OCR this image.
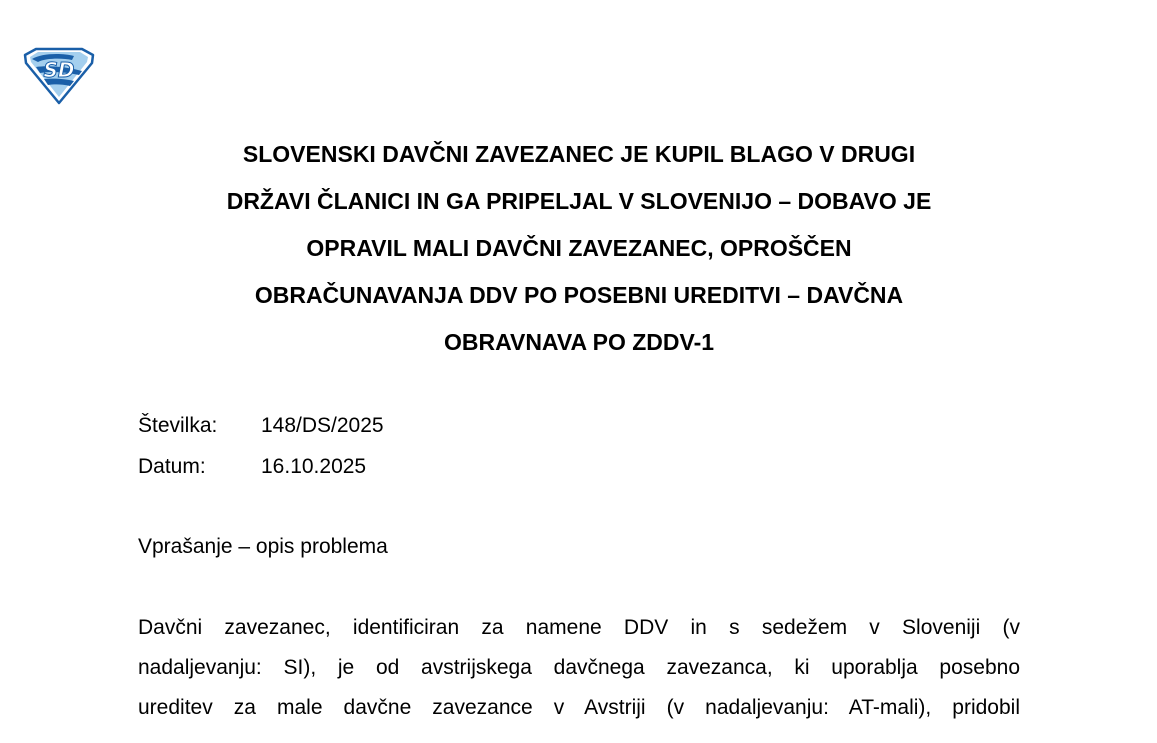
SD
SLOVENSKI DAVČNI ZAVEZANEC JE KUPIL BLAGO V DRUGI
DRŽAVI ČLANICI IN GA PRIPELJAL V SLOVENIJO – DOBAVO JE
OPRAVIL MALI DAVČNI ZAVEZANEC, OPROŠČEN
OBRAČUNAVANJA DDV PO POSEBNI UREDITVI – DAVČNA
OBRAVNAVA PO ZDDV-1
Številka:	148/DS/2025
Datum:	16.10.2025
Vprašanje – opis problema
Davčni zavezanec, identificiran za namene DDV in s sedežem v Sloveniji (v
nadaljevanju: SI), je od avstrijskega davčnega zavezanca, ki uporablja posebno
ureditev za male davčne zavezance v Avstriji (v nadaljevanju: AT-mali), pridobil
